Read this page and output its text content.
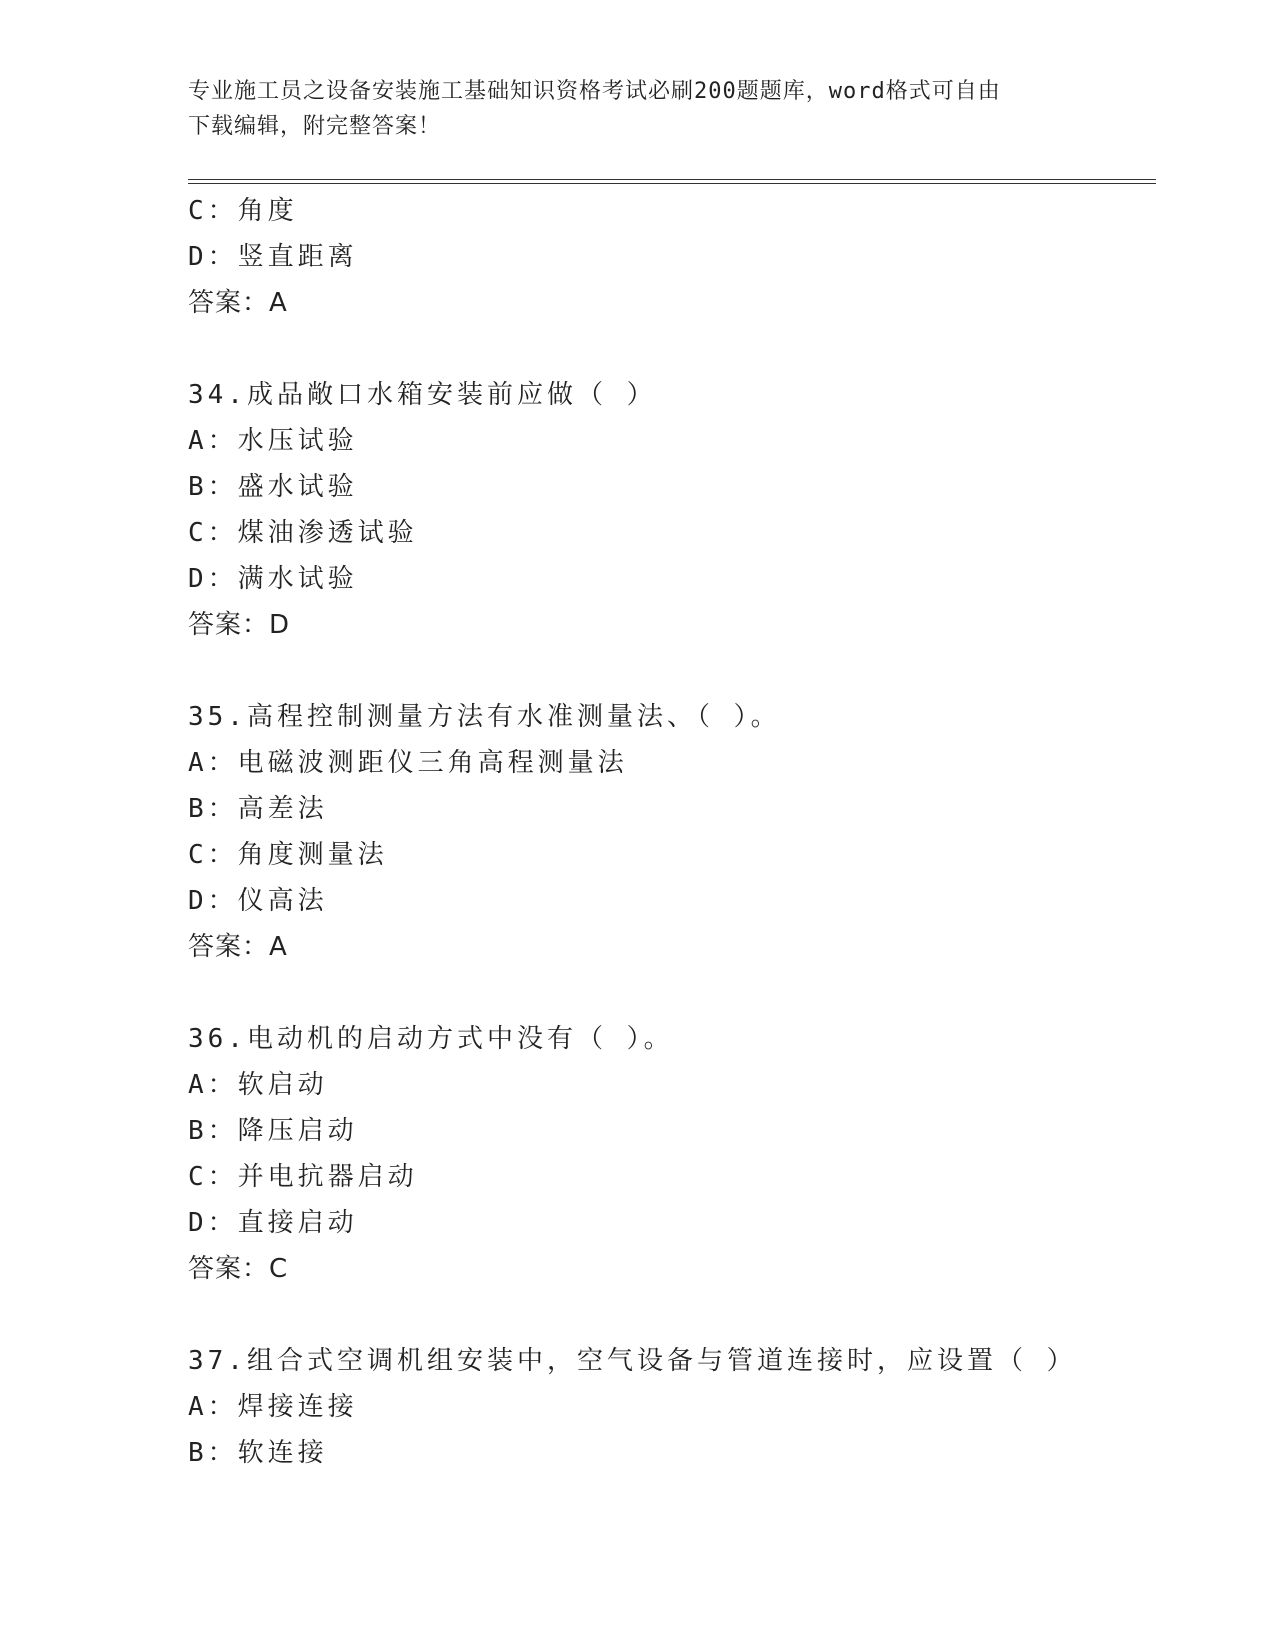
专业施工员之设备安装施工基础知识资格考试必刷200题题库，word格式可自由
下载编辑，附完整答案！
C：角度
D：竖直距离
答案：A
34.成品敞口水箱安装前应做（ ）
A：水压试验
B：盛水试验
C：煤油渗透试验
D：满水试验
答案：D
35.高程控制测量方法有水准测量法、（ ）。
A：电磁波测距仪三角高程测量法
B：高差法
C：角度测量法
D：仪高法
答案：A
36.电动机的启动方式中没有（ ）。
A：软启动
B：降压启动
C：并电抗器启动
D：直接启动
答案：C
37.组合式空调机组安装中，空气设备与管道连接时，应设置（ ）
A：焊接连接
B：软连接
